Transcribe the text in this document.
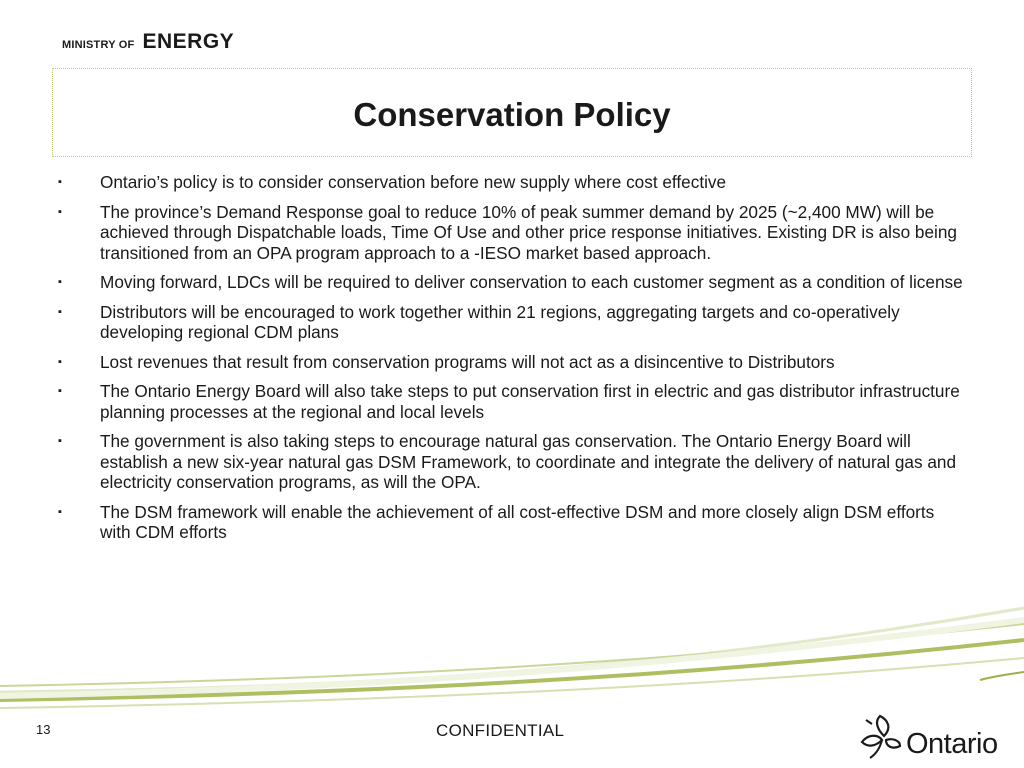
MINISTRY OF ENERGY
Conservation Policy
▪	Ontario’s policy is to consider conservation before new supply where cost effective
▪	The province’s Demand Response goal to reduce 10% of peak summer demand by 2025 (~2,400 MW) will be achieved through Dispatchable loads, Time Of Use and other price response initiatives. Existing DR is also being transitioned from an OPA program approach to a -IESO market based approach.
▪	Moving forward, LDCs will be required to deliver conservation to each customer segment as a condition of license
▪	Distributors will be encouraged to work together within 21 regions, aggregating targets and co-operatively developing regional CDM plans
▪	Lost revenues that result from conservation programs will not act as a disincentive to Distributors
▪	The Ontario Energy Board will also take steps to put conservation first in electric and gas distributor infrastructure planning processes at the regional and local levels
▪	The government is also taking steps to encourage natural gas conservation. The Ontario Energy Board will establish a new six-year natural gas DSM Framework, to coordinate and integrate the delivery of natural gas and electricity conservation programs, as will the OPA.
▪	The DSM framework will enable the achievement of all cost-effective DSM and more closely align DSM efforts with CDM efforts
13	CONFIDENTIAL	Ontario
